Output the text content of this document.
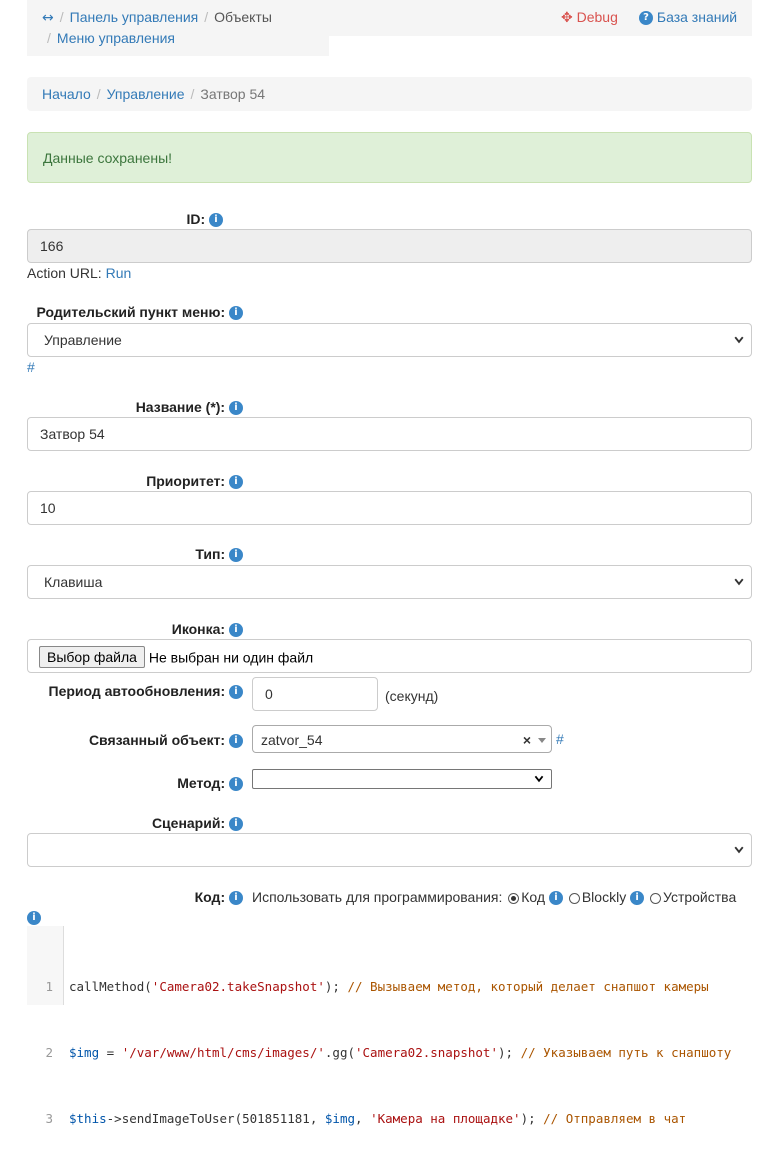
↔ / Панель управления / Объекты
/ Меню управления
✥ Debug	? База знаний
Начало / Управление / Затвор 54
Данные сохранены!
ID: i
166
Action URL: Run
Родительский пункт меню: i
Управление
#
Название (*): i
Затвор 54
Приоритет: i
10
Тип: i
Клавиша
Иконка: i
Выбор файла Не выбран ни один файл
Период автообновления: i	0	(секунд)
Связанный объект: i	zatvor_54	× #
Метод: i
Сценарий: i
Код: i	Использовать для программирования: Код i Blockly i Устройства
i

1 callMethod('Camera02.takeSnapshot'); // Вызываем метод, который делает снапшот камеры

2 $img = '/var/www/html/cms/images/'.gg('Camera02.snapshot'); // Указываем путь к снапшоту

3 $this->sendImageToUser(501851181, $img, 'Камера на площадке'); // Отправляем в чат
